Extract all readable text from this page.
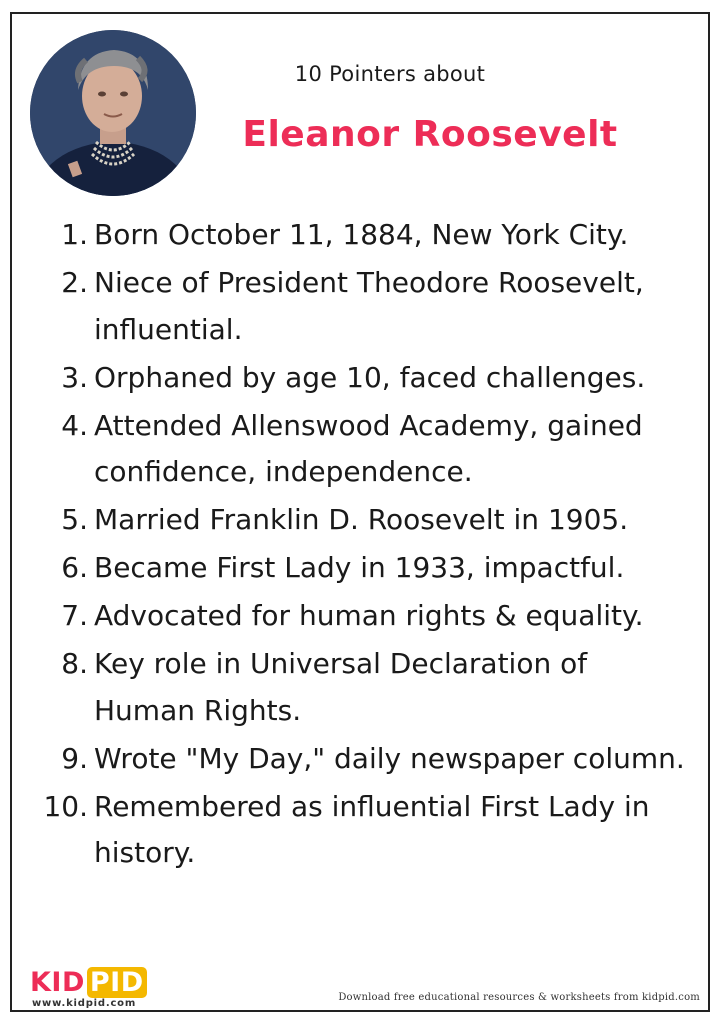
10 Pointers about
Eleanor Roosevelt
1. Born October 11, 1884, New York City.
2. Niece of President Theodore Roosevelt, influential.
3. Orphaned by age 10, faced challenges.
4. Attended Allenswood Academy, gained confidence, independence.
5. Married Franklin D. Roosevelt in 1905.
6. Became First Lady in 1933, impactful.
7. Advocated for human rights & equality.
8. Key role in Universal Declaration of Human Rights.
9. Wrote "My Day," daily newspaper column.
10. Remembered as influential First Lady in history.
KID PID
www.kidpid.com
Download free educational resources & worksheets from kidpid.com
